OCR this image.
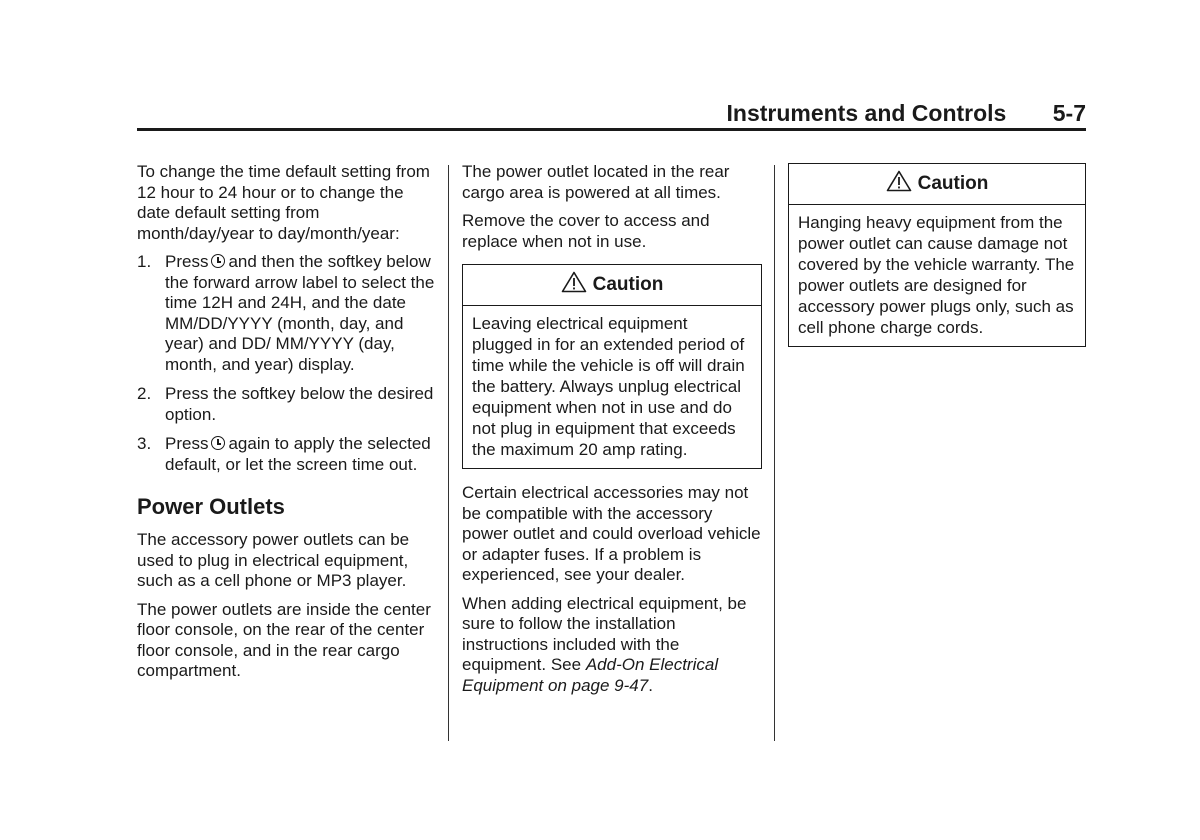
Instruments and Controls 5-7

To change the time default setting from 12 hour to 24 hour or to change the date default setting from month/day/year to day/month/year:

1. Press and then the softkey below the forward arrow label to select the time 12H and 24H, and the date MM/DD/YYYY (month, day, and year) and DD/ MM/YYYY (day, month, and year) display.
2. Press the softkey below the desired option.
3. Press again to apply the selected default, or let the screen time out.
Power Outlets

The accessory power outlets can be used to plug in electrical equipment, such as a cell phone or MP3 player.

The power outlets are inside the center floor console, on the rear of the center floor console, and in the rear cargo compartment.

The power outlet located in the rear cargo area is powered at all times.

Remove the cover to access and replace when not in use.

Caution
Leaving electrical equipment plugged in for an extended period of time while the vehicle is off will drain the battery. Always unplug electrical equipment when not in use and do not plug in equipment that exceeds the maximum 20 amp rating.

Certain electrical accessories may not be compatible with the accessory power outlet and could overload vehicle or adapter fuses. If a problem is experienced, see your dealer.

When adding electrical equipment, be sure to follow the installation instructions included with the equipment. See Add-On Electrical Equipment on page 9-47.

Caution
Hanging heavy equipment from the power outlet can cause damage not covered by the vehicle warranty. The power outlets are designed for accessory power plugs only, such as cell phone charge cords.
